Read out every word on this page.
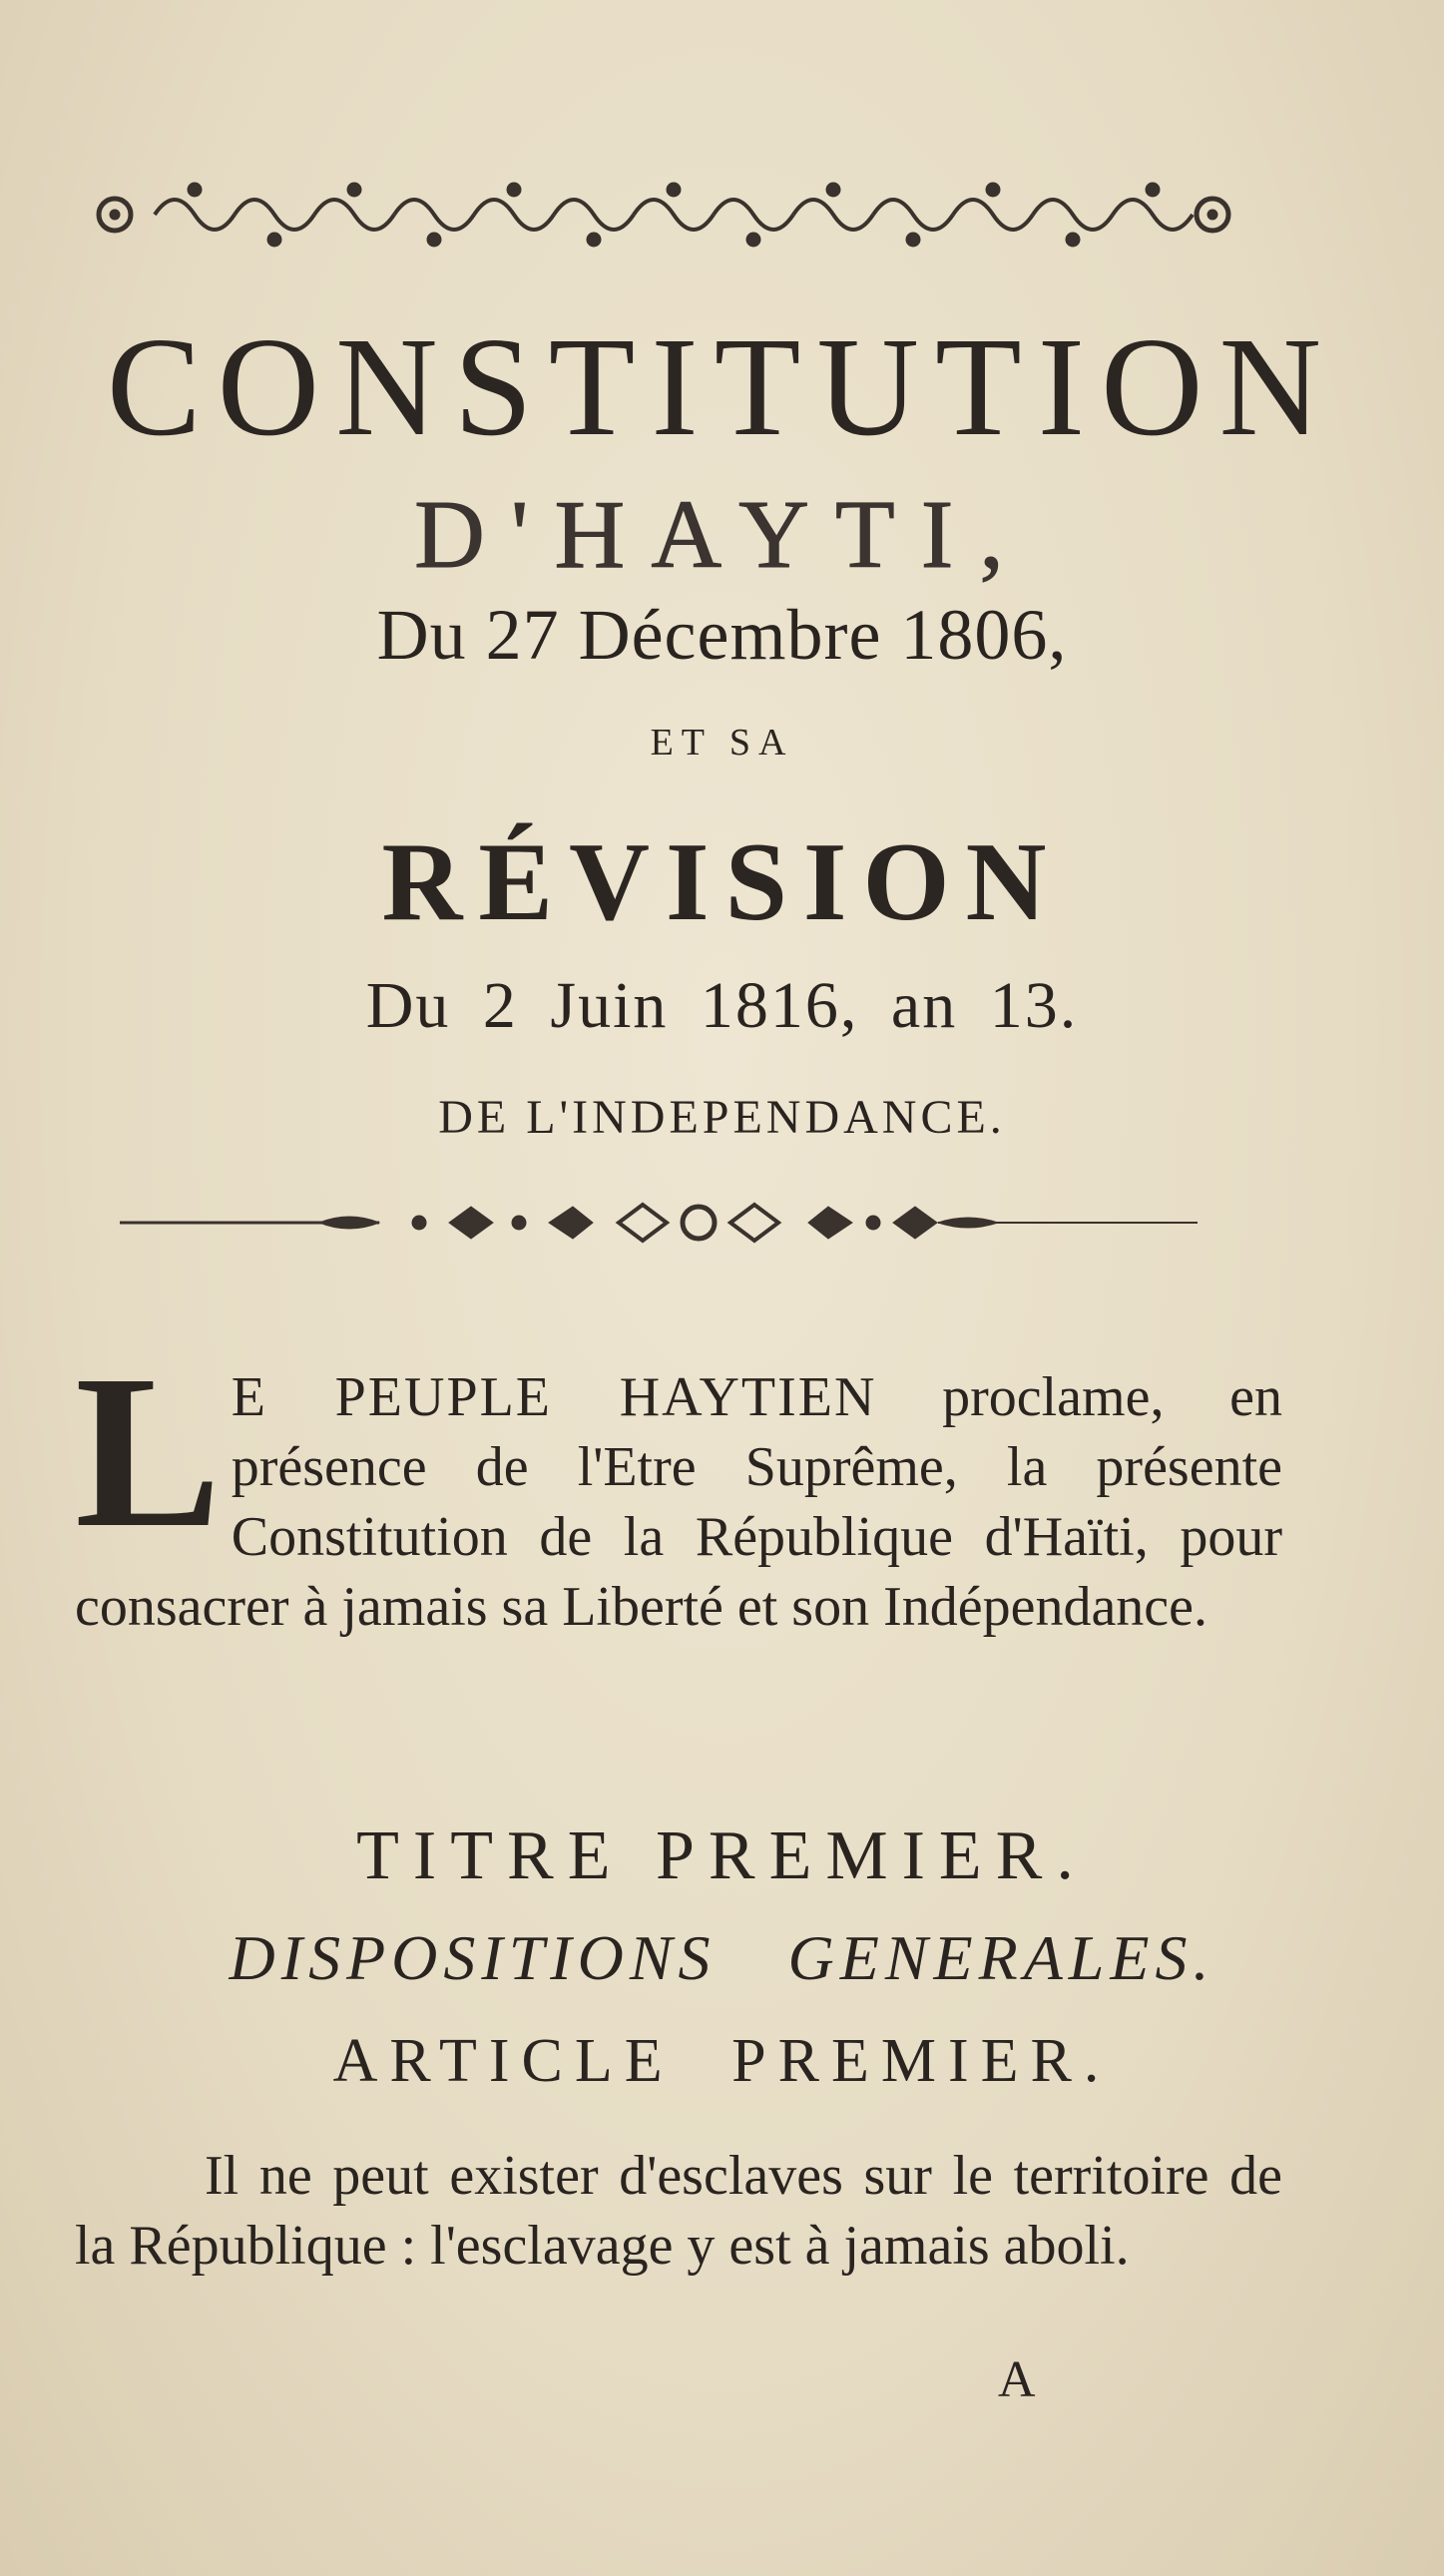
CONSTITUTION
D'HAYTI,
Du 27 Décembre 1806,
ET SA
RÉVISION
Du 2 Juin 1816, an 13.
DE L'INDEPENDANCE.
L E PEUPLE HAYTIEN proclame, en présence de l'Etre Suprême, la présente Constitution de la République d'Haïti, pour consacrer à jamais sa Liberté et son Indépendance.
TITRE PREMIER.
DISPOSITIONS GENERALES.
ARTICLE PREMIER.
Il ne peut exister d'esclaves sur le territoire de la République : l'esclavage y est à jamais aboli.
A
